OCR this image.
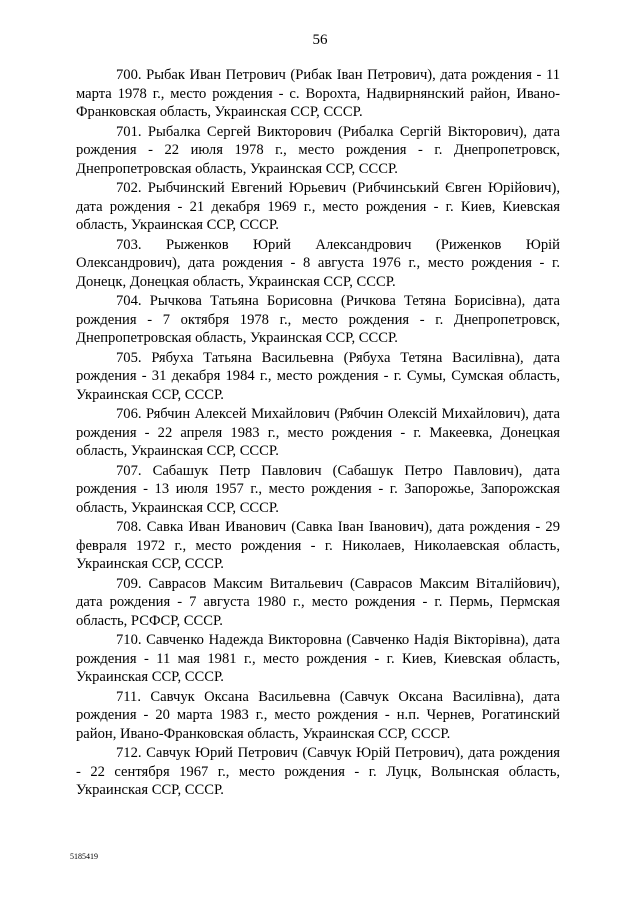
56

700. Рыбак Иван Петрович (Рибак Іван Петрович), дата рождения - 11 марта 1978 г., место рождения - с. Ворохта, Надвирнянский район, Ивано-Франковская область, Украинская ССР, СССР.

701. Рыбалка Сергей Викторович (Рибалка Сергій Вікторович), дата рождения - 22 июля 1978 г., место рождения - г. Днепропетровск, Днепропетровская область, Украинская ССР, СССР.

702. Рыбчинский Евгений Юрьевич (Рибчинський Євген Юрійович), дата рождения - 21 декабря 1969 г., место рождения - г. Киев, Киевская область, Украинская ССР, СССР.

703. Рыженков Юрий Александрович (Риженков Юрій Олександрович), дата рождения - 8 августа 1976 г., место рождения - г. Донецк, Донецкая область, Украинская ССР, СССР.

704. Рычкова Татьяна Борисовна (Ричкова Тетяна Борисівна), дата рождения - 7 октября 1978 г., место рождения - г. Днепропетровск, Днепропетровская область, Украинская ССР, СССР.

705. Рябуха Татьяна Васильевна (Рябуха Тетяна Василівна), дата рождения - 31 декабря 1984 г., место рождения - г. Сумы, Сумская область, Украинская ССР, СССР.

706. Рябчин Алексей Михайлович (Рябчин Олексій Михайлович), дата рождения - 22 апреля 1983 г., место рождения - г. Макеевка, Донецкая область, Украинская ССР, СССР.

707. Сабашук Петр Павлович (Сабашук Петро Павлович), дата рождения - 13 июля 1957 г., место рождения - г. Запорожье, Запорожская область, Украинская ССР, СССР.

708. Савка Иван Иванович (Савка Іван Іванович), дата рождения - 29 февраля 1972 г., место рождения - г. Николаев, Николаевская область, Украинская ССР, СССР.

709. Саврасов Максим Витальевич (Саврасов Максим Віталійович), дата рождения - 7 августа 1980 г., место рождения - г. Пермь, Пермская область, РСФСР, СССР.

710. Савченко Надежда Викторовна (Савченко Надія Вікторівна), дата рождения - 11 мая 1981 г., место рождения - г. Киев, Киевская область, Украинская ССР, СССР.

711. Савчук Оксана Васильевна (Савчук Оксана Василівна), дата рождения - 20 марта 1983 г., место рождения - н.п. Чернев, Рогатинский район, Ивано-Франковская область, Украинская ССР, СССР.

712. Савчук Юрий Петрович (Савчук Юрій Петрович), дата рождения - 22 сентября 1967 г., место рождения - г. Луцк, Волынская область, Украинская ССР, СССР.

5185419
